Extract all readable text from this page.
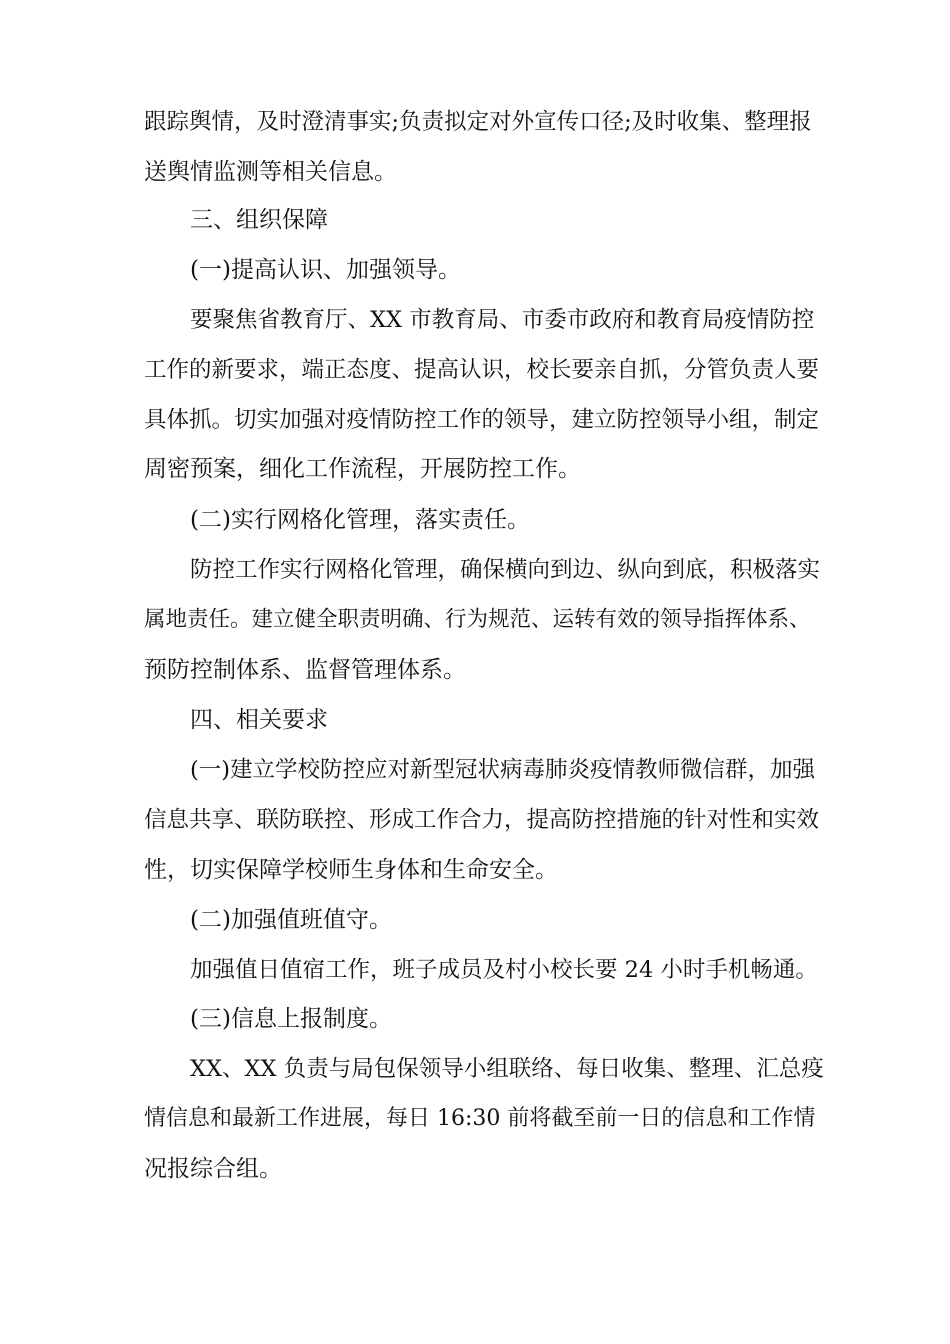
跟踪舆情，及时澄清事实;负责拟定对外宣传口径;及时收集、整理报
送舆情监测等相关信息。
三、组织保障
(一)提高认识、加强领导。
要聚焦省教育厅、XX 市教育局、市委市政府和教育局疫情防控
工作的新要求，端正态度、提高认识，校长要亲自抓，分管负责人要
具体抓。切实加强对疫情防控工作的领导，建立防控领导小组，制定
周密预案，细化工作流程，开展防控工作。
(二)实行网格化管理，落实责任。
防控工作实行网格化管理，确保横向到边、纵向到底，积极落实
属地责任。建立健全职责明确、行为规范、运转有效的领导指挥体系、
预防控制体系、监督管理体系。
四、相关要求
(一)建立学校防控应对新型冠状病毒肺炎疫情教师微信群，加强
信息共享、联防联控、形成工作合力，提高防控措施的针对性和实效
性，切实保障学校师生身体和生命安全。
(二)加强值班值守。
加强值日值宿工作，班子成员及村小校长要 24 小时手机畅通。
(三)信息上报制度。
XX、XX 负责与局包保领导小组联络、每日收集、整理、汇总疫
情信息和最新工作进展，每日 16:30 前将截至前一日的信息和工作情
况报综合组。
